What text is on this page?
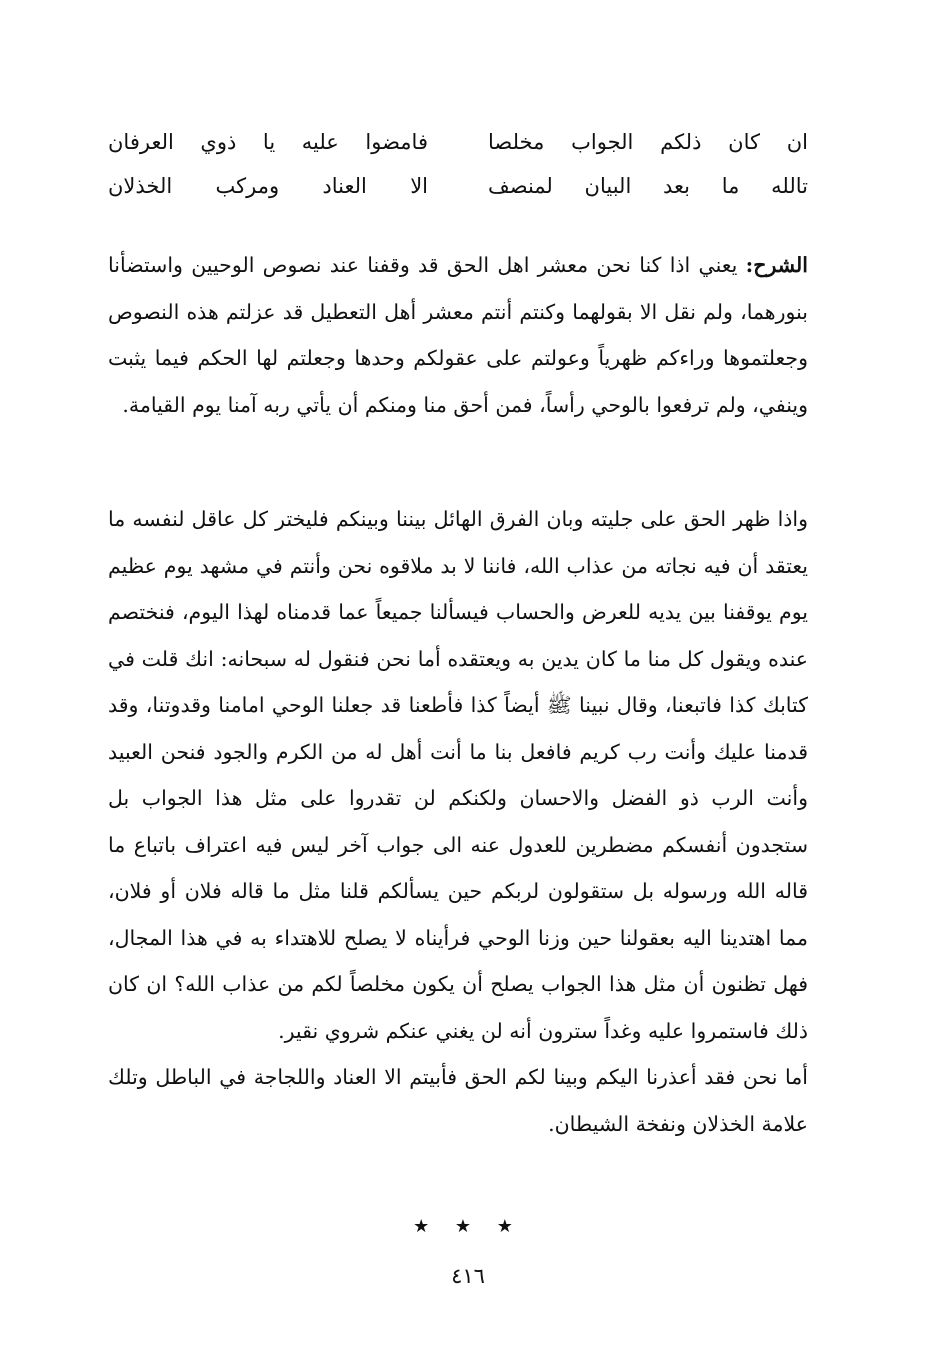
ان كان ذلكم الجواب مخلصا
فامضوا عليه يا ذوي العرفان
تالله ما بعد البيان لمنصف
الا العناد ومركب الخذلان

الشرح: يعني اذا كنا نحن معشر اهل الحق قد وقفنا عند نصوص الوحيين واستضأنا بنورهما، ولم نقل الا بقولهما وكنتم أنتم معشر أهل التعطيل قد عزلتم هذه النصوص وجعلتموها وراءكم ظهرياً وعولتم على عقولكم وحدها وجعلتم لها الحكم فيما يثبت وينفي، ولم ترفعوا بالوحي رأساً، فمن أحق منا ومنكم أن يأتي ربه آمنا يوم القيامة.

واذا ظهر الحق على جليته وبان الفرق الهائل بيننا وبينكم فليختر كل عاقل لنفسه ما يعتقد أن فيه نجاته من عذاب الله، فاننا لا بد ملاقوه نحن وأنتم في مشهد يوم عظيم يوم يوقفنا بين يديه للعرض والحساب فيسألنا جميعاً عما قدمناه لهذا اليوم، فنختصم عنده ويقول كل منا ما كان يدين به ويعتقده أما نحن فنقول له سبحانه: انك قلت في كتابك كذا فاتبعنا، وقال نبينا ﷺ أيضاً كذا فأطعنا قد جعلنا الوحي امامنا وقدوتنا، وقد قدمنا عليك وأنت رب كريم فافعل بنا ما أنت أهل له من الكرم والجود فنحن العبيد وأنت الرب ذو الفضل والاحسان ولكنكم لن تقدروا على مثل هذا الجواب بل ستجدون أنفسكم مضطرين للعدول عنه الى جواب آخر ليس فيه اعتراف باتباع ما قاله الله ورسوله بل ستقولون لربكم حين يسألكم قلنا مثل ما قاله فلان أو فلان، مما اهتدينا اليه بعقولنا حين وزنا الوحي فرأيناه لا يصلح للاهتداء به في هذا المجال، فهل تظنون أن مثل هذا الجواب يصلح أن يكون مخلصاً لكم من عذاب الله؟ ان كان ذلك فاستمروا عليه وغداً سترون أنه لن يغني عنكم شروي نقير.
أما نحن فقد أعذرنا اليكم وبينا لكم الحق فأبيتم الا العناد واللجاجة في الباطل وتلك علامة الخذلان ونفخة الشيطان.
★ ★ ★
٤١٦
